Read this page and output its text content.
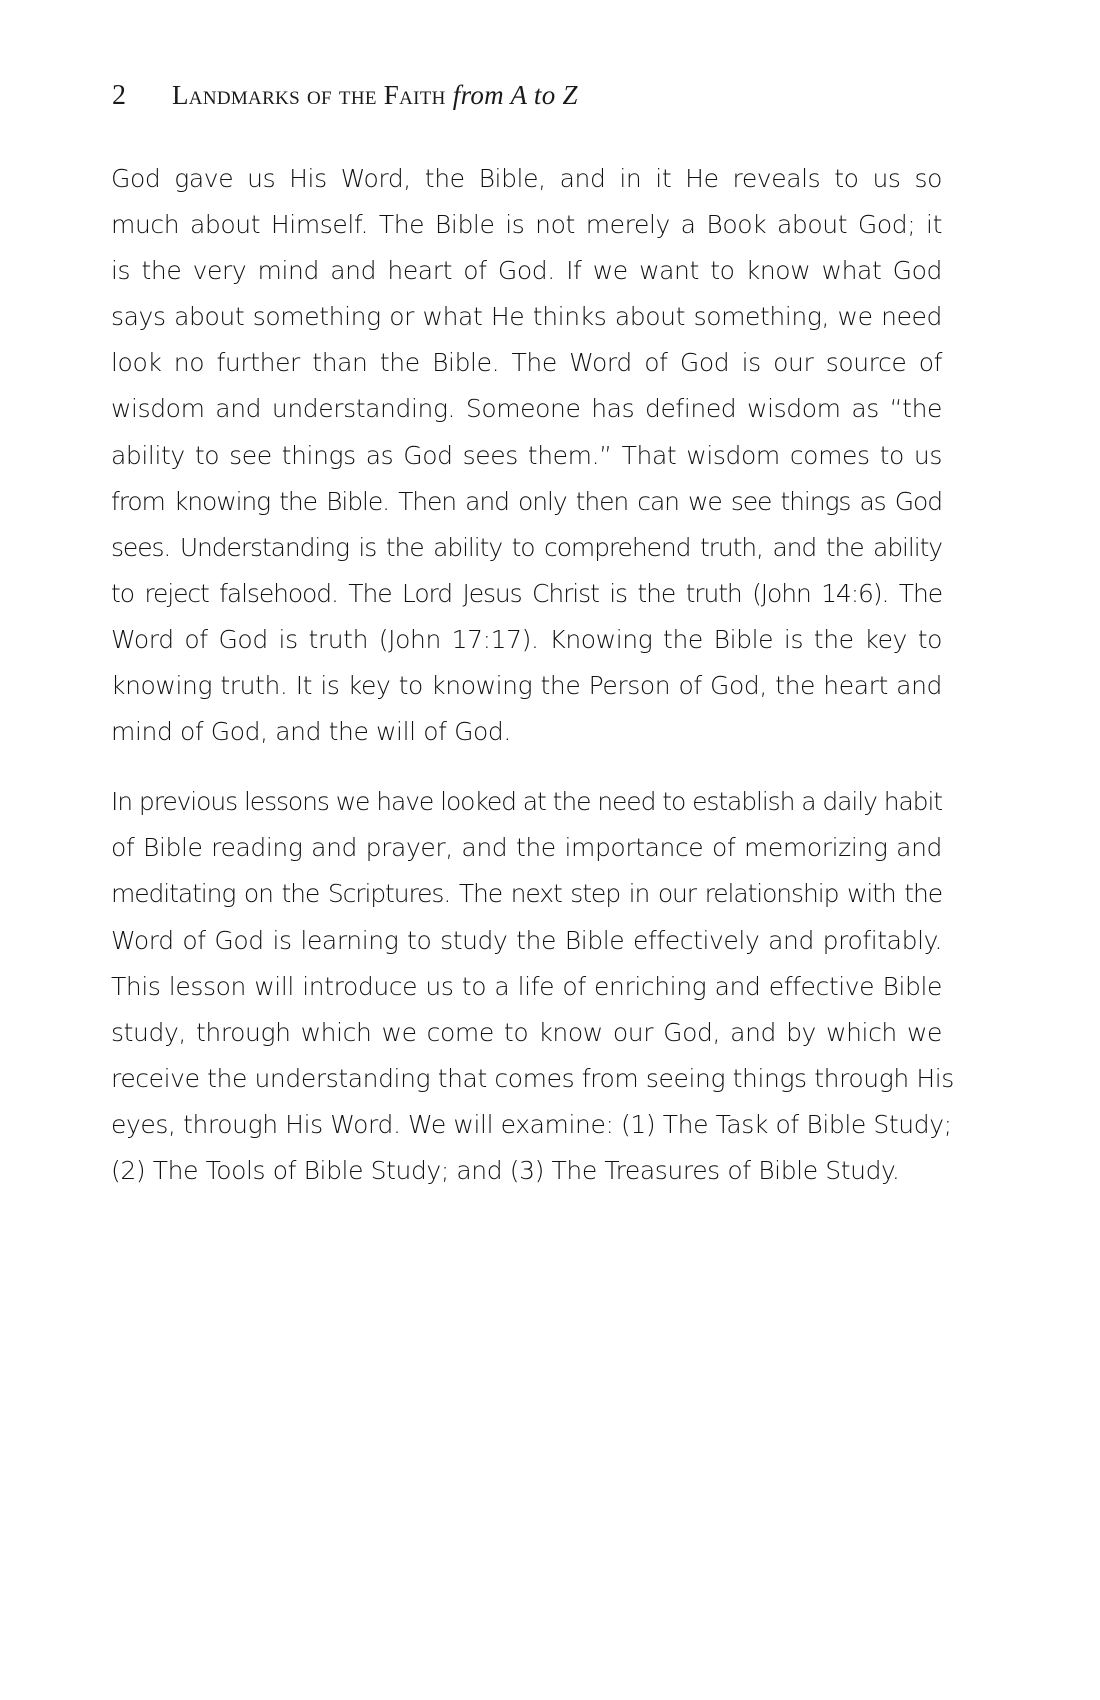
2	Landmarks of the Faith from A to Z
God gave us His Word, the Bible, and in it He reveals to us so
much about Himself. The Bible is not merely a Book about God; it
is the very mind and heart of God. If we want to know what God
says about something or what He thinks about something, we need
look no further than the Bible. The Word of God is our source of
wisdom and understanding. Someone has defined wisdom as “the
ability to see things as God sees them.” That wisdom comes to us
from knowing the Bible. Then and only then can we see things as God
sees. Understanding is the ability to comprehend truth, and the ability
to reject falsehood. The Lord Jesus Christ is the truth (John 14:6). The
Word of God is truth (John 17:17). Knowing the Bible is the key to
knowing truth. It is key to knowing the Person of God, the heart and
mind of God, and the will of God.
In previous lessons we have looked at the need to establish a daily habit
of Bible reading and prayer, and the importance of memorizing and
meditating on the Scriptures. The next step in our relationship with the
Word of God is learning to study the Bible effectively and profitably.
This lesson will introduce us to a life of enriching and effective Bible
study, through which we come to know our God, and by which we
receive the understanding that comes from seeing things through His
eyes, through His Word. We will examine: (1) The Task of Bible Study;
(2) The Tools of Bible Study; and (3) The Treasures of Bible Study.
